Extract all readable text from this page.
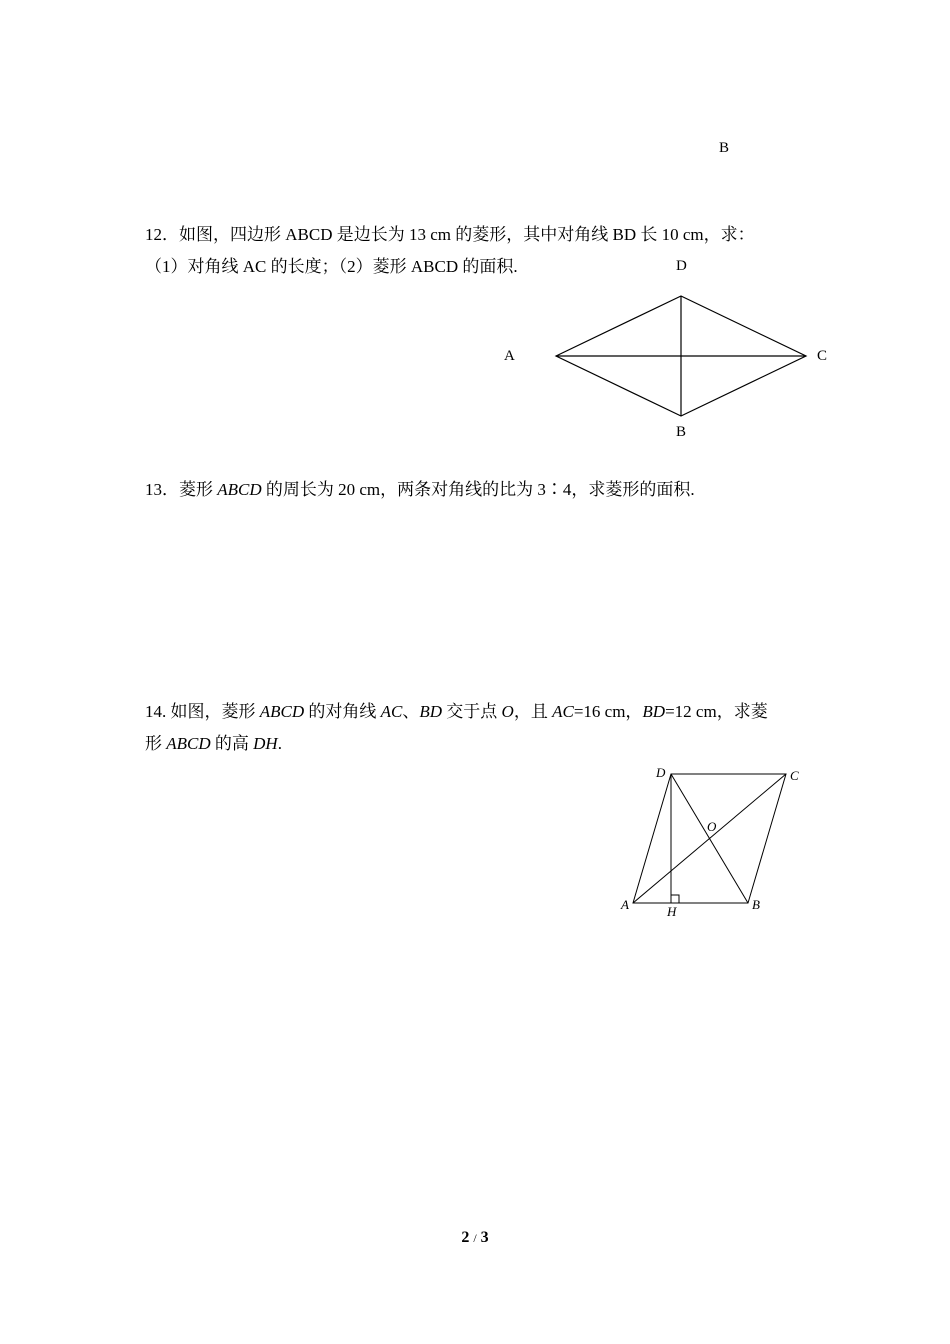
B
12．如图，四边形 ABCD 是边长为 13 cm 的菱形，其中对角线 BD 长 10 cm，求：
（1）对角线 AC 的长度；（2）菱形 ABCD 的面积.	D
A	C
B
13．菱形 ABCD 的周长为 20 cm，两条对角线的比为 3∶4，求菱形的面积.
14. 如图，菱形 ABCD 的对角线 AC、BD 交于点 O，且 AC=16 cm，BD=12 cm，求菱
形 ABCD 的高 DH.
D	C
O
A	H	B
2 / 3
